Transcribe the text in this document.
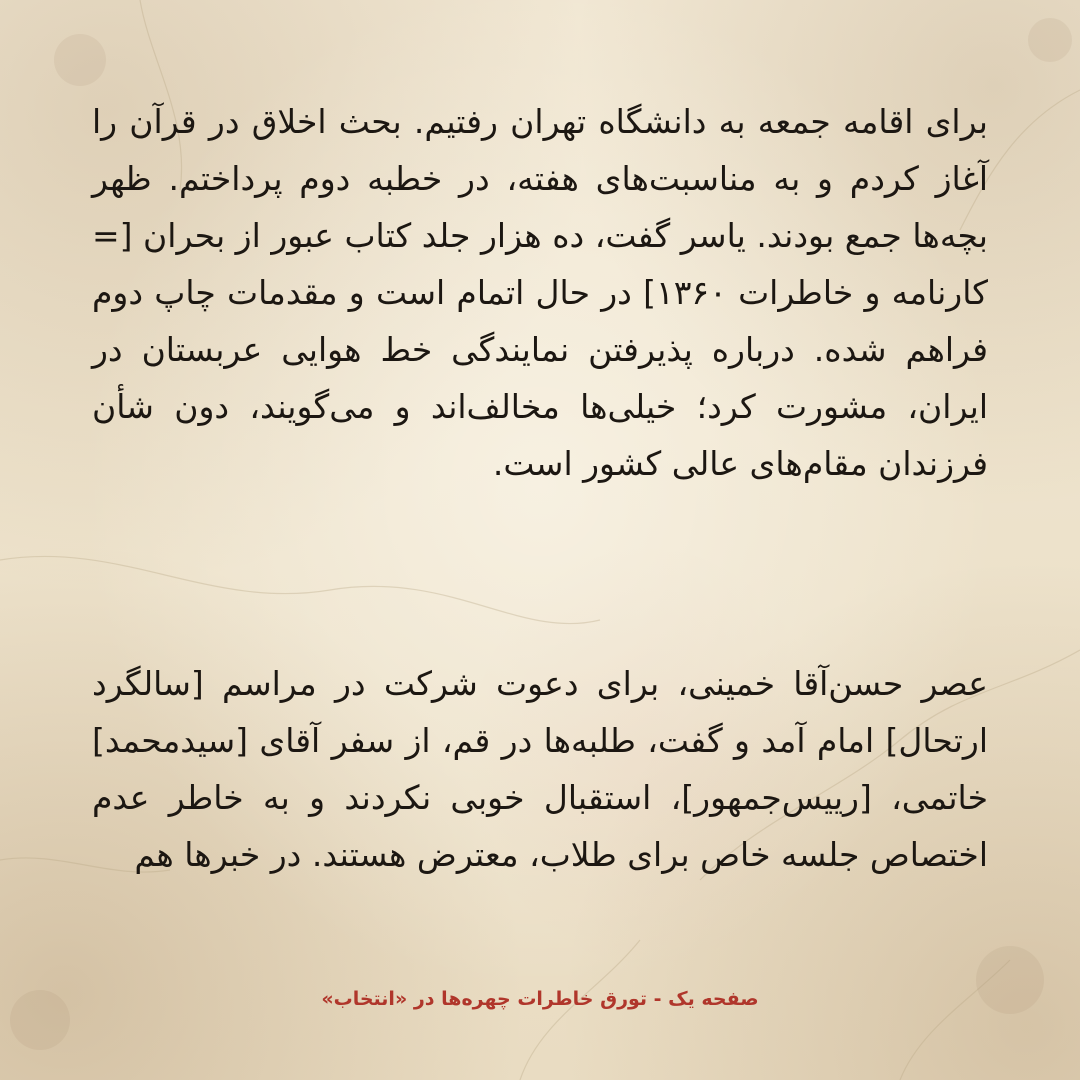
برای اقامه جمعه به دانشگاه تهران رفتیم. بحث اخلاق در قرآن را آغاز کردم و به مناسبت‌های هفته، در خطبه دوم پرداختم. ظهر بچه‌ها جمع بودند. یاسر گفت، ده هزار جلد کتاب عبور از بحران [= کارنامه و خاطرات ۱۳۶۰] در حال اتمام است و مقدمات چاپ دوم فراهم شده. درباره پذیرفتن نمایندگی خط هوایی عربستان در ایران، مشورت کرد؛ خیلی‌ها مخالف‌اند و می‌گویند، دون شأن فرزندان مقام‌های عالی کشور است.

عصر حسن‌آقا خمینی، برای دعوت شرکت در مراسم [سالگرد ارتحال] امام آمد و گفت، طلبه‌ها در قم، از سفر آقای [سیدمحمد] خاتمی، [رییس‌جمهور]، استقبال خوبی نکردند و به خاطر عدم اختصاص جلسه خاص برای طلاب، معترض هستند. در خبرها هم

صفحه یک - تورق خاطرات چهره‌ها در «انتخاب»
